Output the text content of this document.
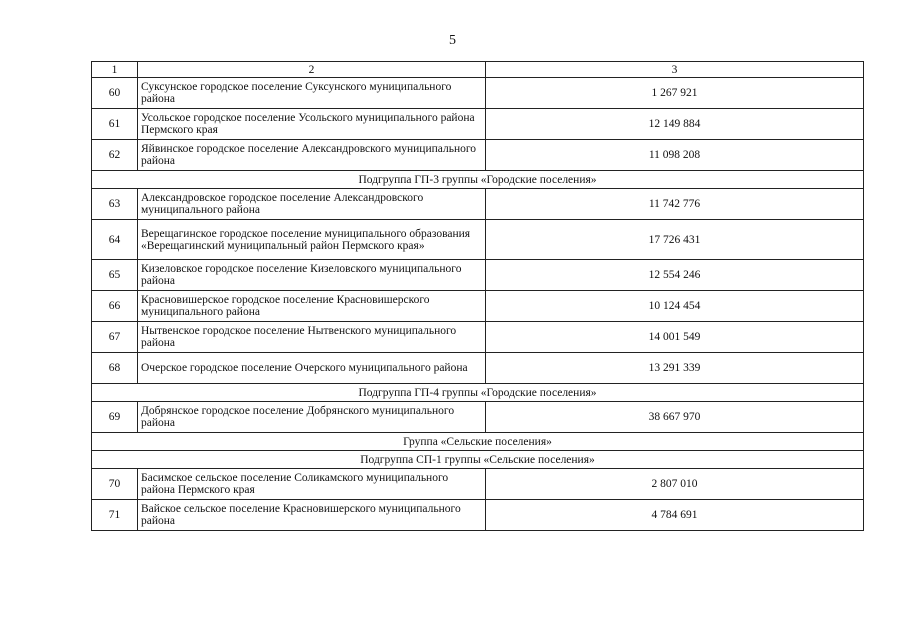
5
1	2	3
60	Суксунское городское поселение Суксунского муниципального района	1 267 921
61	Усольское городское поселение Усольского муниципального района Пермского края	12 149 884
62	Яйвинское городское поселение Александровского муниципального района	11 098 208
Подгруппа ГП-3 группы «Городские поселения»		
63	Александровское городское поселение Александровского муниципального района	11 742 776
64	Верещагинское городское поселение муниципального образования «Верещагинский муниципальный район Пермского края»	17 726 431
65	Кизеловское городское поселение Кизеловского муниципального района	12 554 246
66	Красновишерское городское поселение Красновишерского муниципального района	10 124 454
67	Нытвенское городское поселение Нытвенского муниципального района	14 001 549
68	Очерское городское поселение Очерского муниципального района	13 291 339
Подгруппа ГП-4 группы «Городские поселения»		
69	Добрянское городское поселение Добрянского муниципального района	38 667 970
Группа «Сельские поселения»		
Подгруппа СП-1 группы «Сельские поселения»		
70	Басимское сельское поселение Соликамского муниципального района Пермского края	2 807 010
71	Вайское сельское поселение Красновишерского муниципального района	4 784 691
